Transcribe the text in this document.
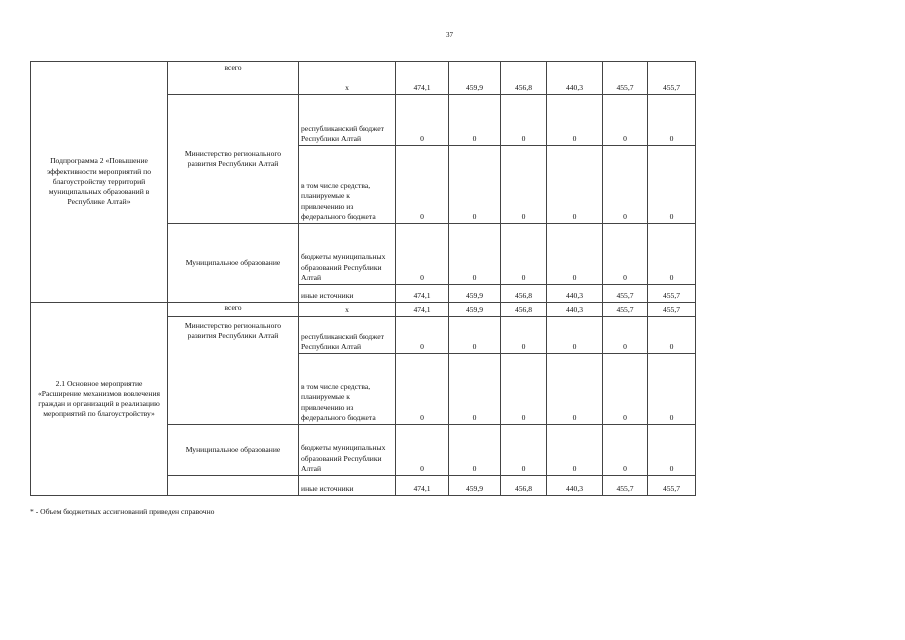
37
Подпрограмма 2 «Повышение эффективности мероприятий по благоустройству территорий муниципальных образований в Республике Алтай»	всего	x	474,1	459,9	456,8	440,3	455,7	455,7
	Министерство регионального развития Республики Алтай	республиканский бюджет Республики Алтай	0	0	0	0	0	0
		в том числе средства, планируемые к привлечению из федерального бюджета	0	0	0	0	0	0
	Муниципальное образование	бюджеты муниципальных образований Республики Алтай	0	0	0	0	0	0
		иные источники	474,1	459,9	456,8	440,3	455,7	455,7
2.1 Основное мероприятие «Расширение механизмов вовлечения граждан и организаций в реализацию мероприятий по благоустройству»	всего	x	474,1	459,9	456,8	440,3	455,7	455,7
	Министерство регионального развития Республики Алтай	республиканский бюджет Республики Алтай	0	0	0	0	0	0
		в том числе средства, планируемые к привлечению из федерального бюджета	0	0	0	0	0	0
	Муниципальное образование	бюджеты муниципальных образований Республики Алтай	0	0	0	0	0	0
		иные источники	474,1	459,9	456,8	440,3	455,7	455,7
* - Объем бюджетных ассигнований приведен справочно
